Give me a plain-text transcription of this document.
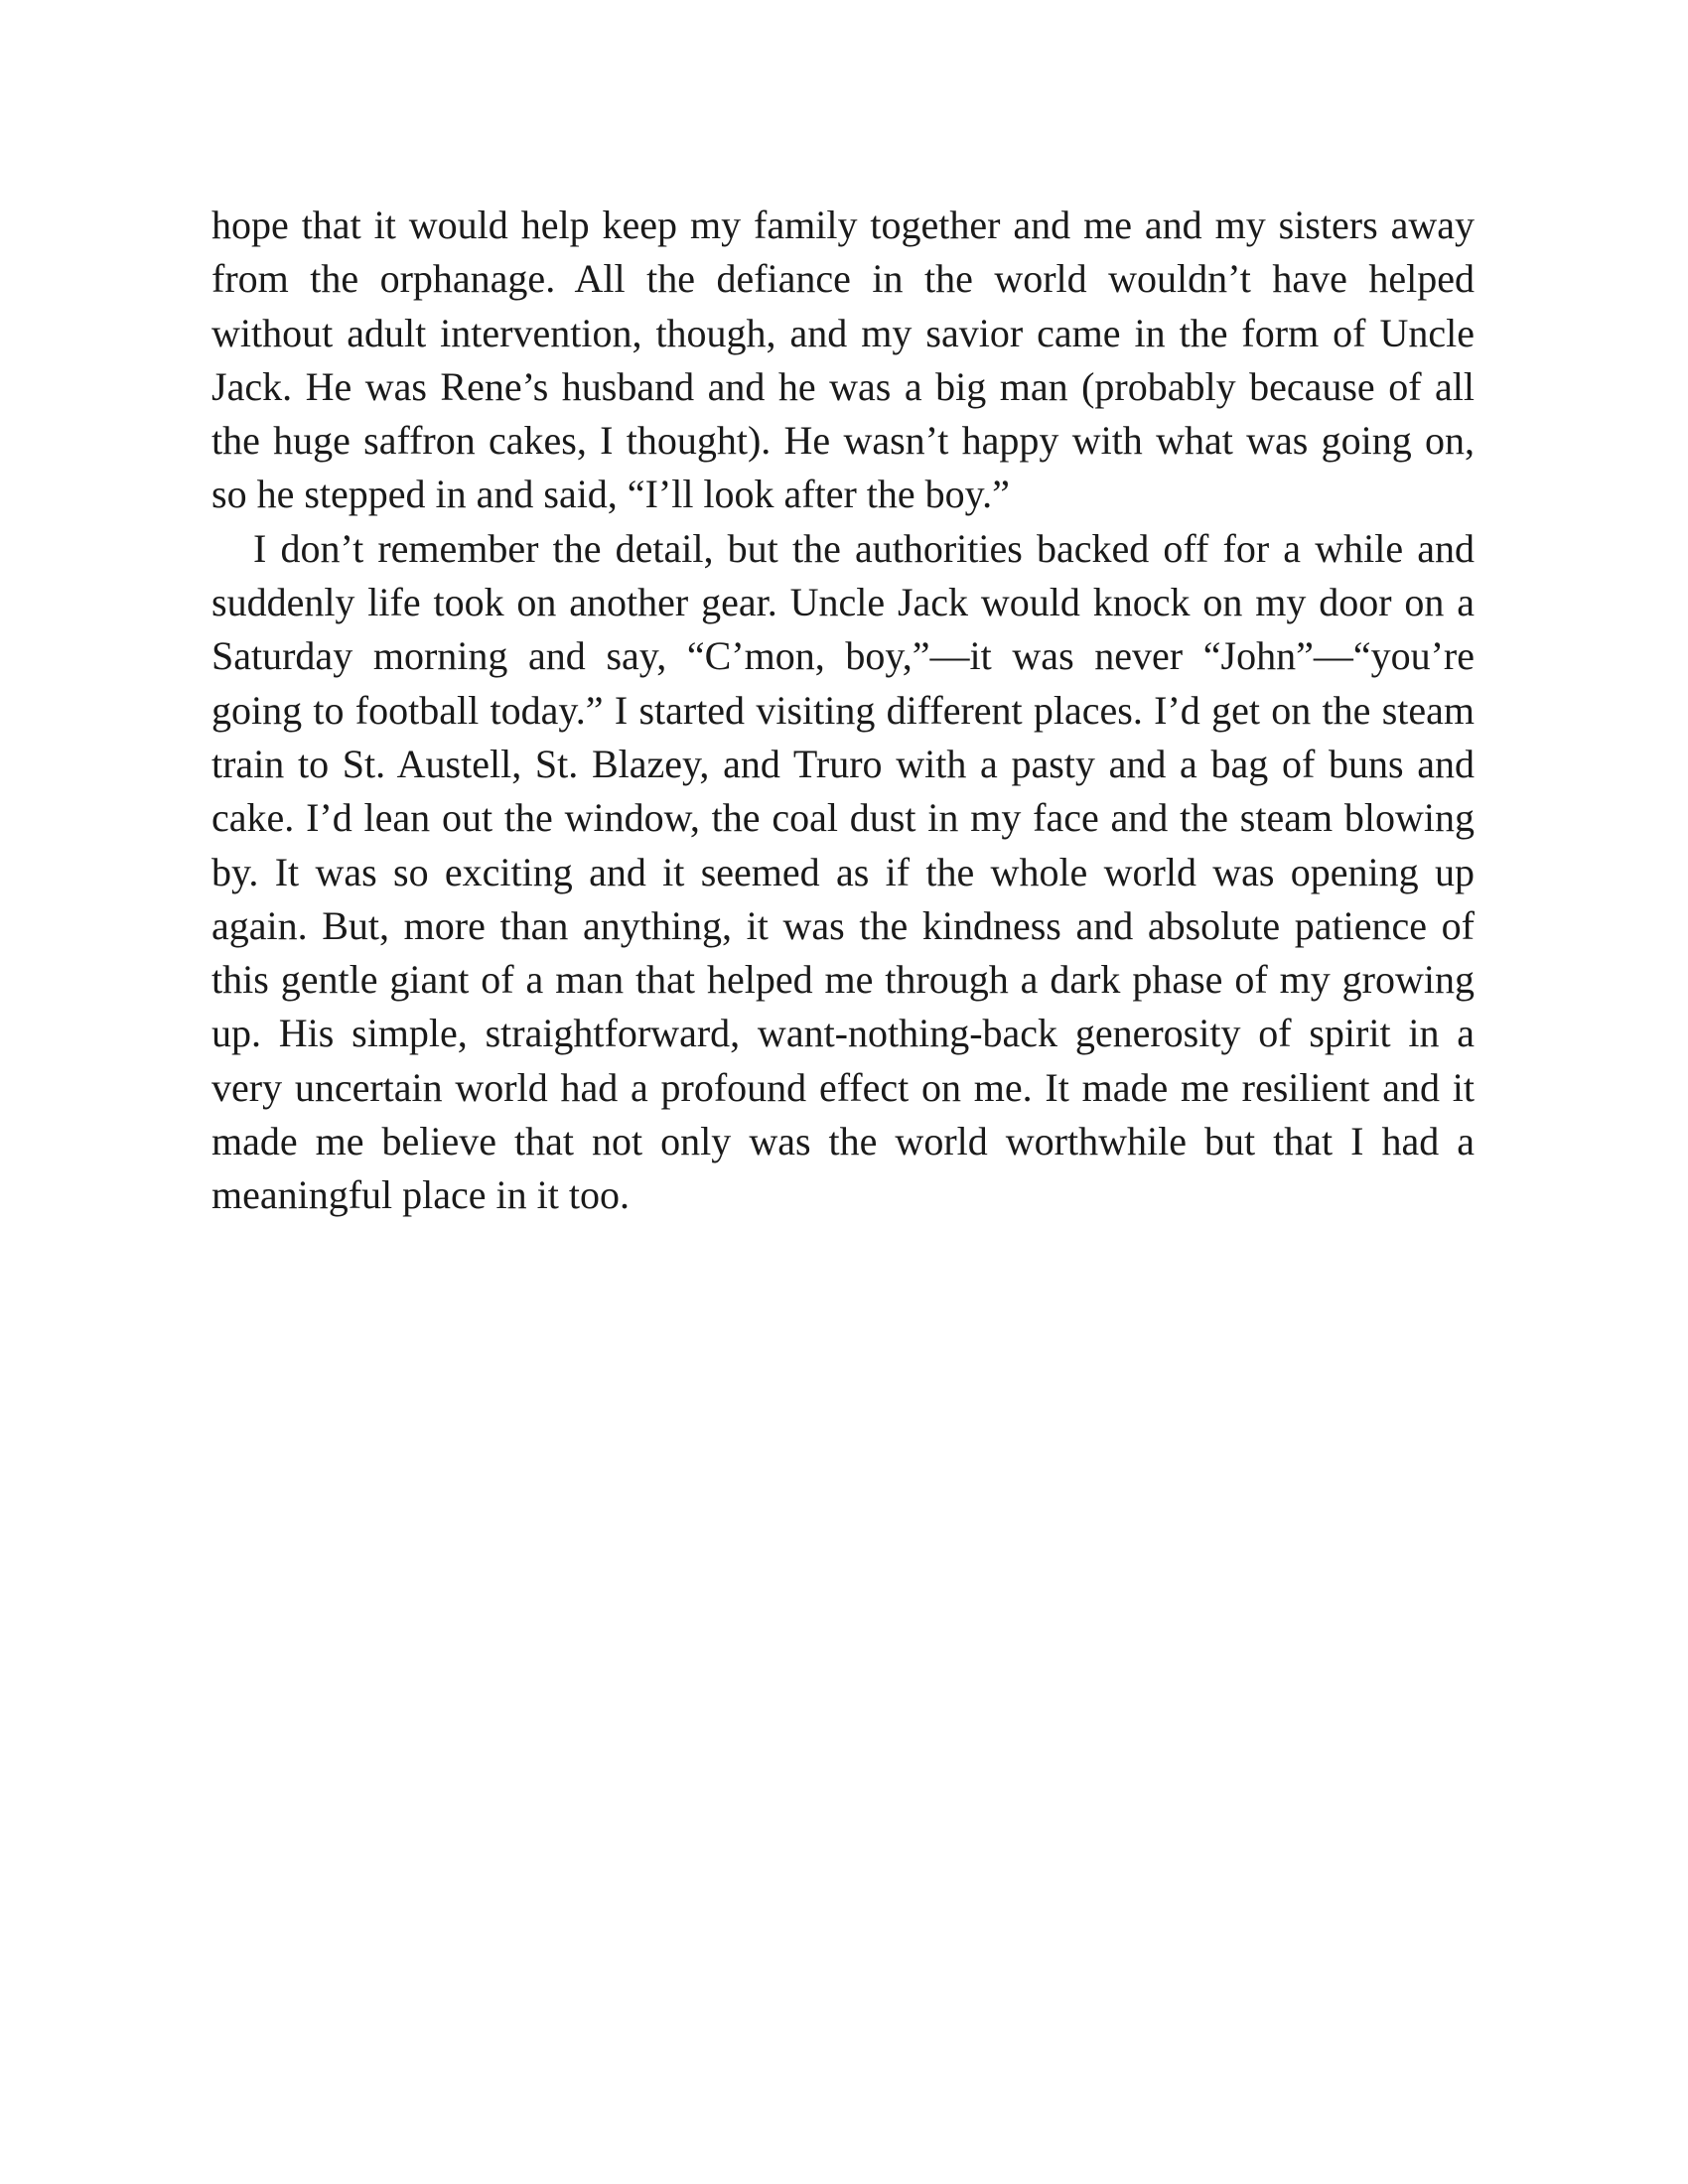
hope that it would help keep my family together and me and my sisters away from the orphanage. All the defiance in the world wouldn’t have helped without adult intervention, though, and my savior came in the form of Uncle Jack. He was Rene’s husband and he was a big man (probably because of all the huge saffron cakes, I thought). He wasn’t happy with what was going on, so he stepped in and said, “I’ll look after the boy.”

I don’t remember the detail, but the authorities backed off for a while and suddenly life took on another gear. Uncle Jack would knock on my door on a Saturday morning and say, “C’mon, boy,”—it was never “John”—“you’re going to football today.” I started visiting different places. I’d get on the steam train to St. Austell, St. Blazey, and Truro with a pasty and a bag of buns and cake. I’d lean out the window, the coal dust in my face and the steam blowing by. It was so exciting and it seemed as if the whole world was opening up again. But, more than anything, it was the kindness and absolute patience of this gentle giant of a man that helped me through a dark phase of my growing up. His simple, straightforward, want-nothing-back generosity of spirit in a very uncertain world had a profound effect on me. It made me resilient and it made me believe that not only was the world worthwhile but that I had a meaningful place in it too.
